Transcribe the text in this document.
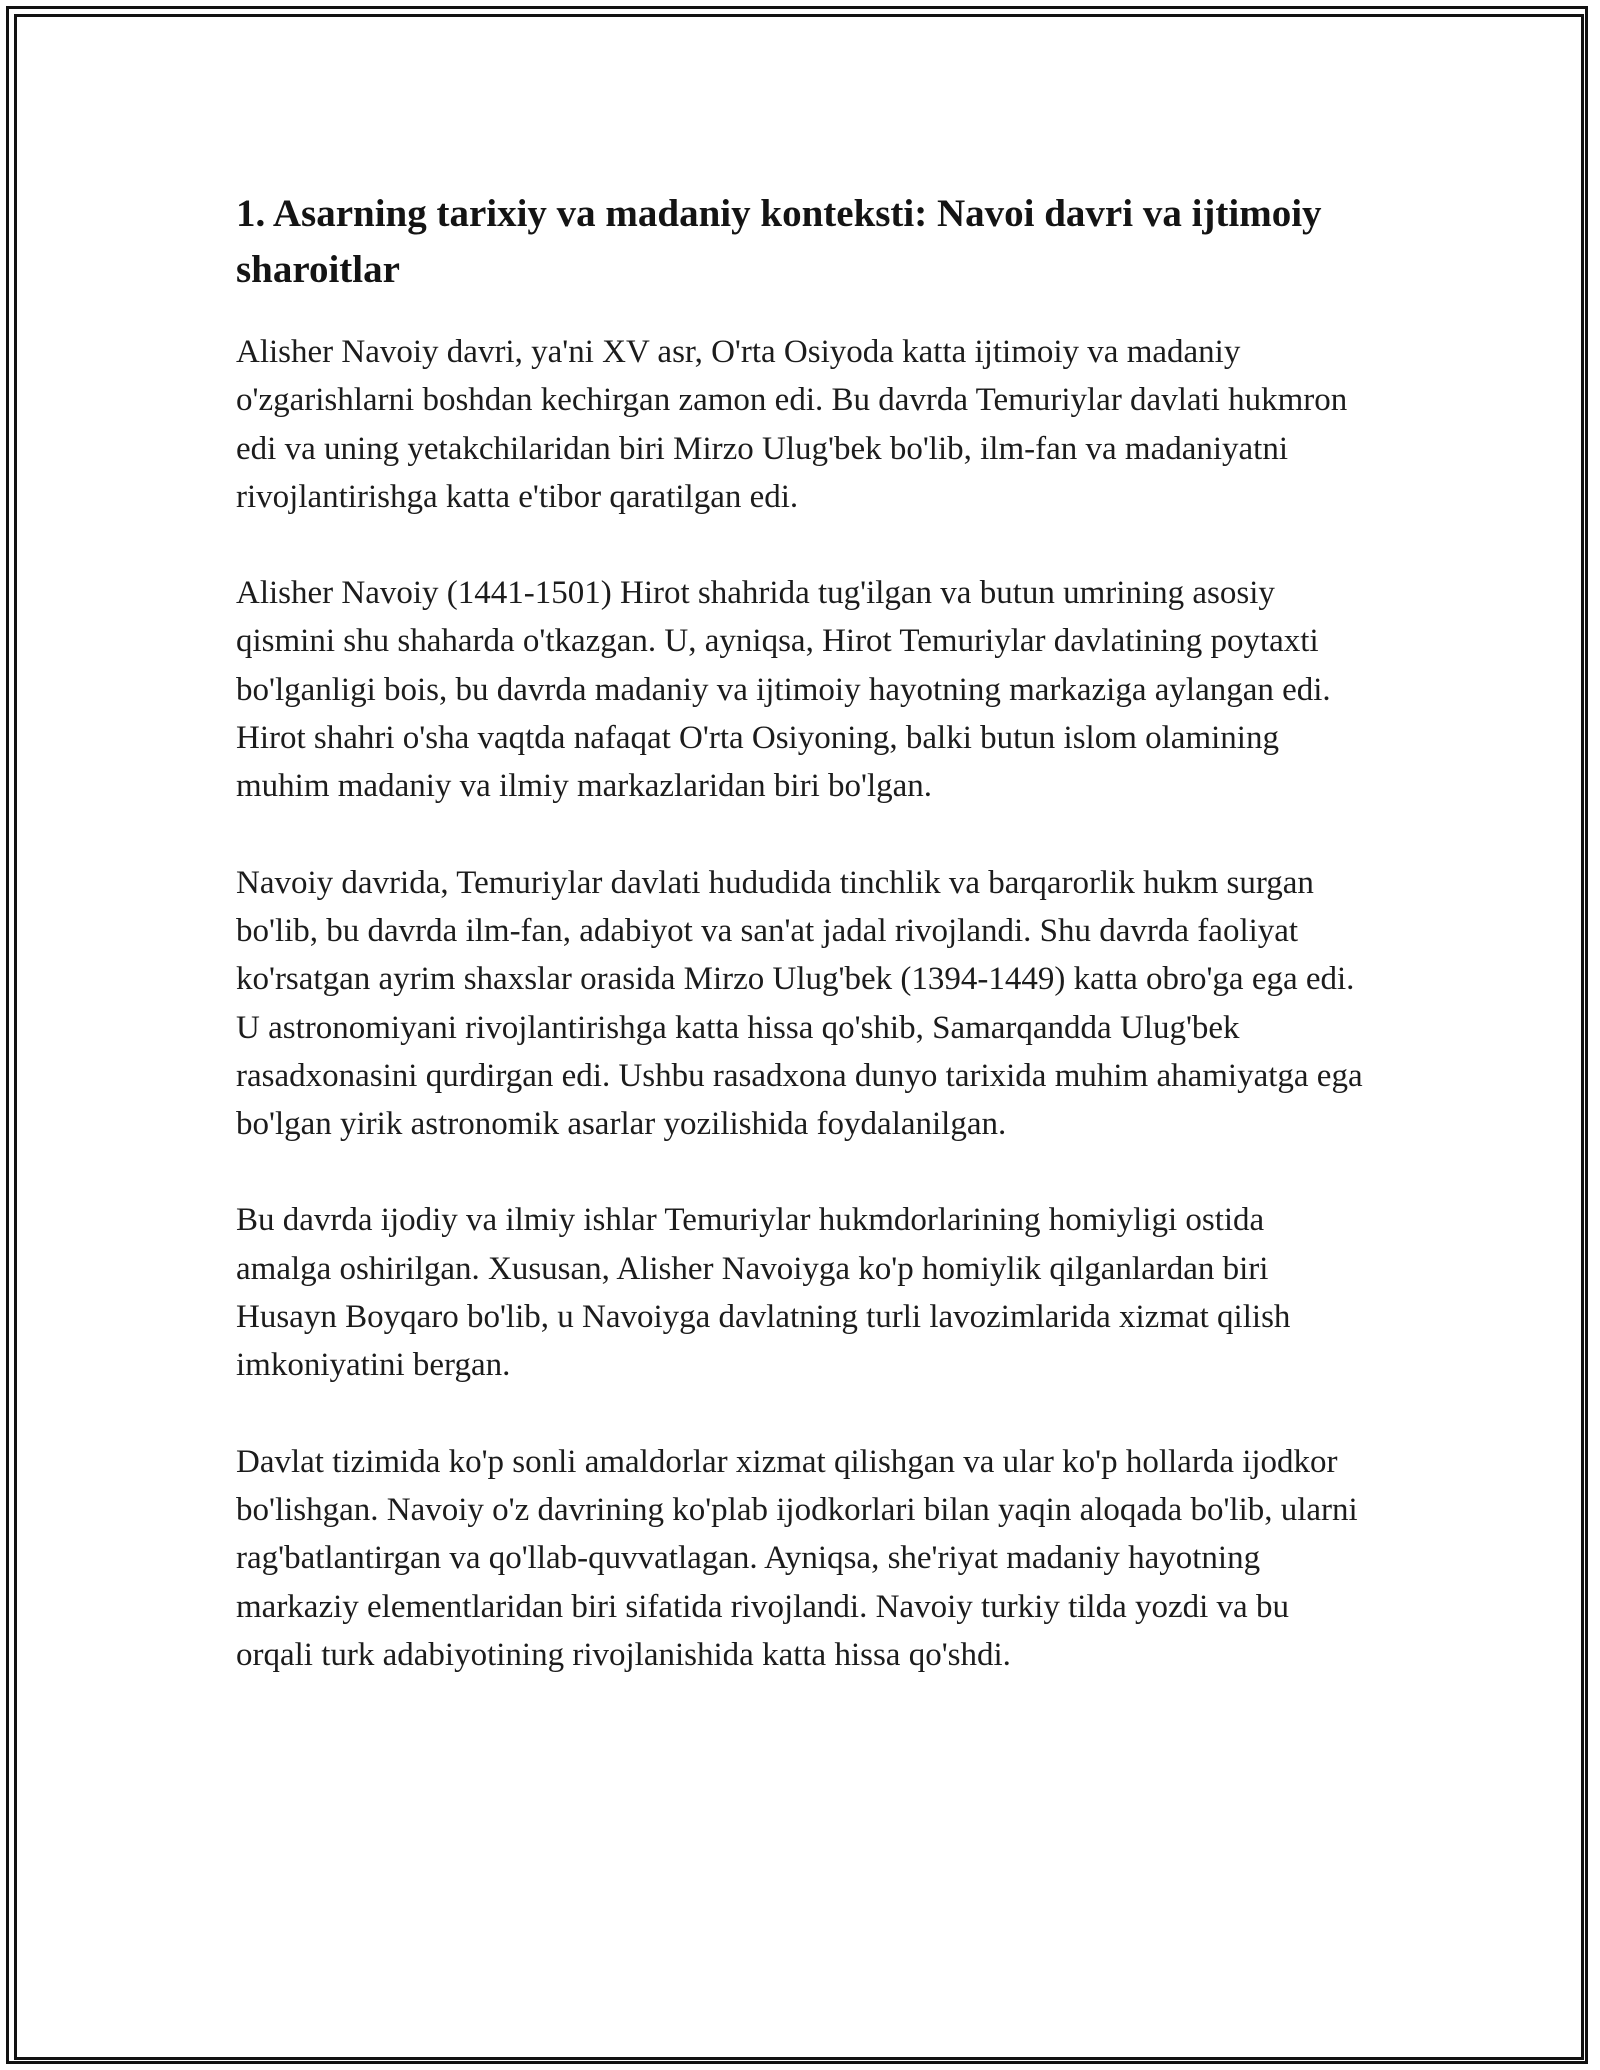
1. Asarning tarixiy va madaniy konteksti: Navoi davri va ijtimoiy sharoitlar

Alisher Navoiy davri, ya'ni XV asr, O'rta Osiyoda katta ijtimoiy va madaniy o'zgarishlarni boshdan kechirgan zamon edi. Bu davrda Temuriylar davlati hukmron edi va uning yetakchilaridan biri Mirzo Ulug'bek bo'lib, ilm-fan va madaniyatni rivojlantirishga katta e'tibor qaratilgan edi.

Alisher Navoiy (1441-1501) Hirot shahrida tug'ilgan va butun umrining asosiy qismini shu shaharda o'tkazgan. U, ayniqsa, Hirot Temuriylar davlatining poytaxti bo'lganligi bois, bu davrda madaniy va ijtimoiy hayotning markaziga aylangan edi. Hirot shahri o'sha vaqtda nafaqat O'rta Osiyoning, balki butun islom olamining muhim madaniy va ilmiy markazlaridan biri bo'lgan.

Navoiy davrida, Temuriylar davlati hududida tinchlik va barqarorlik hukm surgan bo'lib, bu davrda ilm-fan, adabiyot va san'at jadal rivojlandi. Shu davrda faoliyat ko'rsatgan ayrim shaxslar orasida Mirzo Ulug'bek (1394-1449) katta obro'ga ega edi. U astronomiyani rivojlantirishga katta hissa qo'shib, Samarqandda Ulug'bek rasadxonasini qurdirgan edi. Ushbu rasadxona dunyo tarixida muhim ahamiyatga ega bo'lgan yirik astronomik asarlar yozilishida foydalanilgan.

Bu davrda ijodiy va ilmiy ishlar Temuriylar hukmdorlarining homiyligi ostida amalga oshirilgan. Xususan, Alisher Navoiyga ko'p homiylik qilganlardan biri Husayn Boyqaro bo'lib, u Navoiyga davlatning turli lavozimlarida xizmat qilish imkoniyatini bergan.

Davlat tizimida ko'p sonli amaldorlar xizmat qilishgan va ular ko'p hollarda ijodkor bo'lishgan. Navoiy o'z davrining ko'plab ijodkorlari bilan yaqin aloqada bo'lib, ularni rag'batlantirgan va qo'llab-quvvatlagan. Ayniqsa, she'riyat madaniy hayotning markaziy elementlaridan biri sifatida rivojlandi. Navoiy turkiy tilda yozdi va bu orqali turk adabiyotining rivojlanishida katta hissa qo'shdi.
